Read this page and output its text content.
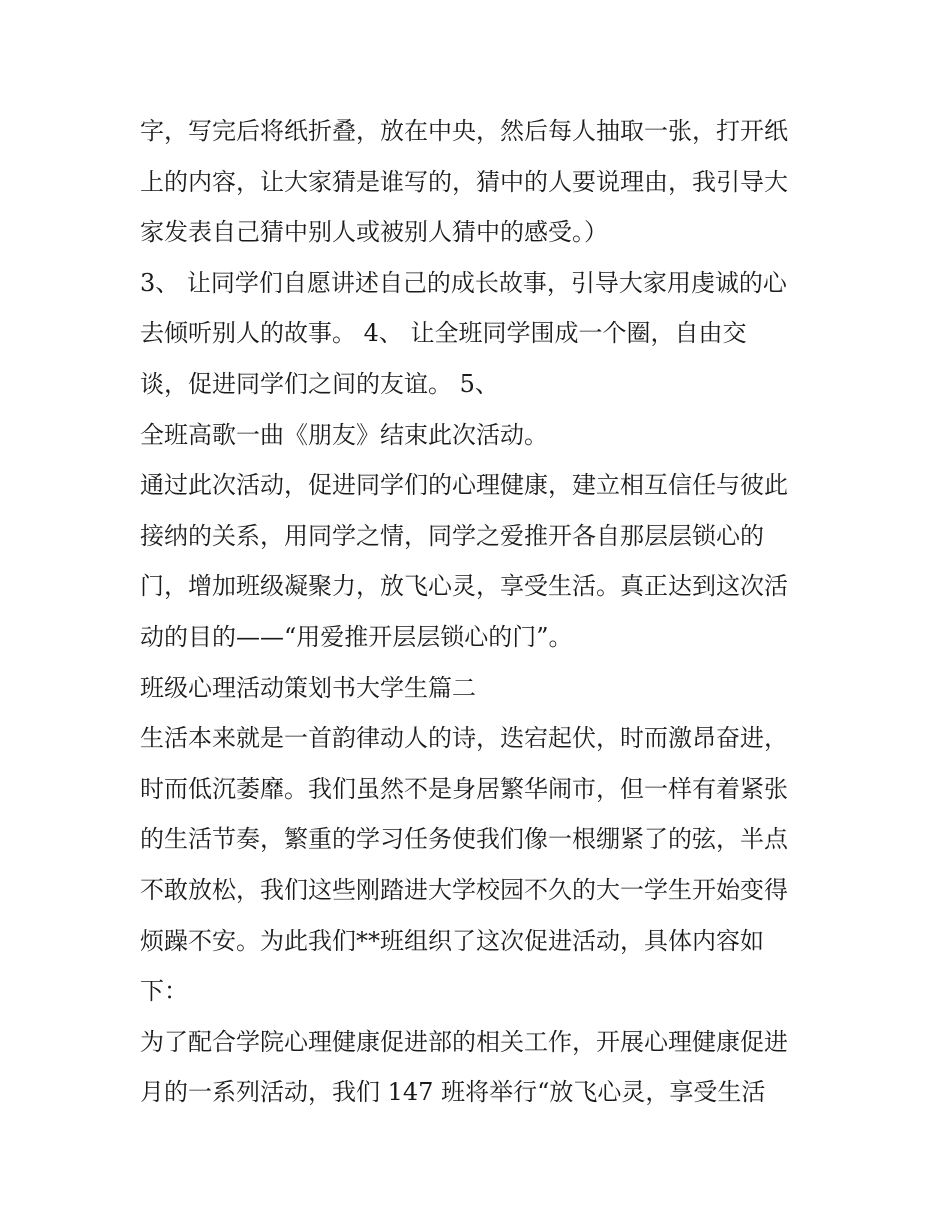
字，写完后将纸折叠，放在中央，然后每人抽取一张，打开纸
上的内容，让大家猜是谁写的，猜中的人要说理由，我引导大
家发表自己猜中别人或被别人猜中的感受。）
3、 让同学们自愿讲述自己的成长故事，引导大家用虔诚的心
去倾听别人的故事。 4、 让全班同学围成一个圈，自由交
谈，促进同学们之间的友谊。 5、
全班高歌一曲《朋友》结束此次活动。
通过此次活动，促进同学们的心理健康，建立相互信任与彼此
接纳的关系，用同学之情，同学之爱推开各自那层层锁心的
门，增加班级凝聚力，放飞心灵，享受生活。真正达到这次活
动的目的——“用爱推开层层锁心的门”。
班级心理活动策划书大学生篇二
生活本来就是一首韵律动人的诗，迭宕起伏，时而激昂奋进，
时而低沉萎靡。我们虽然不是身居繁华闹市，但一样有着紧张
的生活节奏，繁重的学习任务使我们像一根绷紧了的弦，半点
不敢放松，我们这些刚踏进大学校园不久的大一学生开始变得
烦躁不安。为此我们**班组织了这次促进活动，具体内容如
下：
为了配合学院心理健康促进部的相关工作，开展心理健康促进
月的一系列活动，我们 147 班将举行“放飞心灵，享受生活
